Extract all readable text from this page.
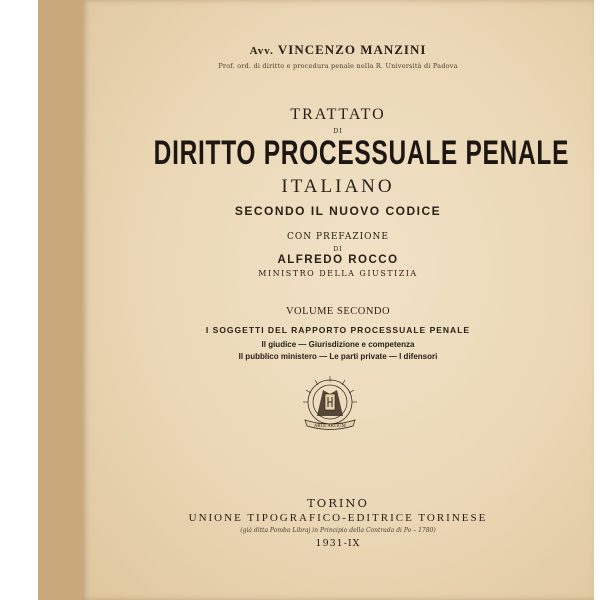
Avv. VINCENZO MANZINI
Prof. ord. di diritto e procedura penale nella R. Università di Padova
TRATTATO
DI
DIRITTO PROCESSUALE PENALE
ITALIANO
SECONDO IL NUOVO CODICE
CON PREFAZIONE
DI
ALFREDO ROCCO
MINISTRO DELLA GIUSTIZIA
VOLUME SECONDO
I SOGGETTI DEL RAPPORTO PROCESSUALE PENALE
Il giudice — Giurisdizione e competenza
Il pubblico ministero — Le parti private — I difensori
ARTE ARTIUM
TORINO
UNIONE TIPOGRAFICO-EDITRICE TORINESE
(già ditta Pomba Libraj in Principio della Contrada di Po – 1780)
1931-IX
